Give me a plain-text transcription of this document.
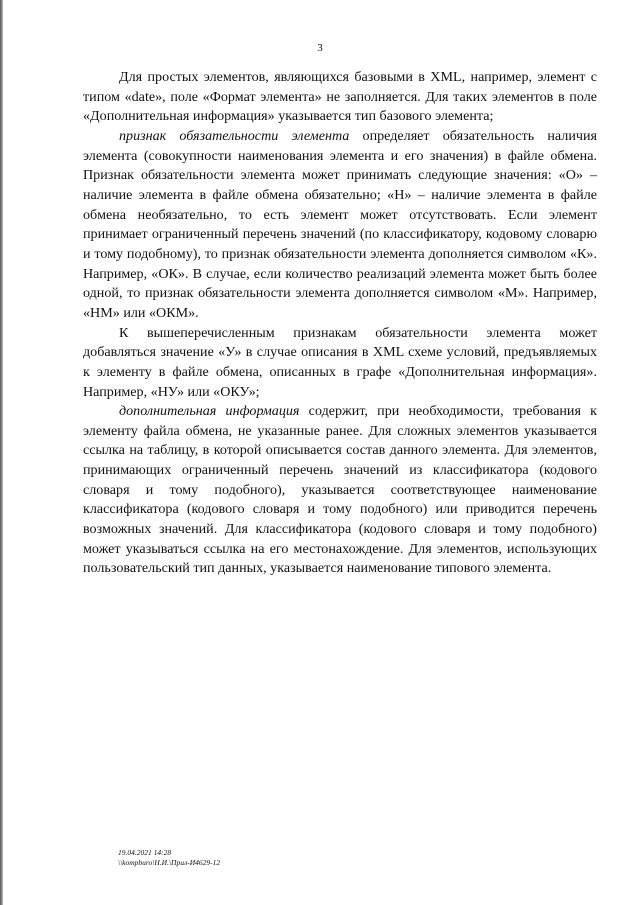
3

Для простых элементов, являющихся базовыми в XML, например, элемент с типом «date», поле «Формат элемента» не заполняется. Для таких элементов в поле «Дополнительная информация» указывается тип базового элемента;

признак обязательности элемента определяет обязательность наличия элемента (совокупности наименования элемента и его значения) в файле обмена. Признак обязательности элемента может принимать следующие значения: «О» – наличие элемента в файле обмена обязательно; «Н» – наличие элемента в файле обмена необязательно, то есть элемент может отсутствовать. Если элемент принимает ограниченный перечень значений (по классификатору, кодовому словарю и тому подобному), то признак обязательности элемента дополняется символом «К». Например, «ОК». В случае, если количество реализаций элемента может быть более одной, то признак обязательности элемента дополняется символом «М». Например, «НМ» или «ОКМ».

К вышеперечисленным признакам обязательности элемента может добавляться значение «У» в случае описания в XML схеме условий, предъявляемых к элементу в файле обмена, описанных в графе «Дополнительная информация». Например, «НУ» или «ОКУ»;

дополнительная информация содержит, при необходимости, требования к элементу файла обмена, не указанные ранее. Для сложных элементов указывается ссылка на таблицу, в которой описывается состав данного элемента. Для элементов, принимающих ограниченный перечень значений из классификатора (кодового словаря и тому подобного), указывается соответствующее наименование классификатора (кодового словаря и тому подобного) или приводится перечень возможных значений. Для классификатора (кодового словаря и тому подобного) может указываться ссылка на его местонахождение. Для элементов, использующих пользовательский тип данных, указывается наименование типового элемента.

19.04.2021 14:28
\\kompburo\Н.И.\Прил-И4629-12
